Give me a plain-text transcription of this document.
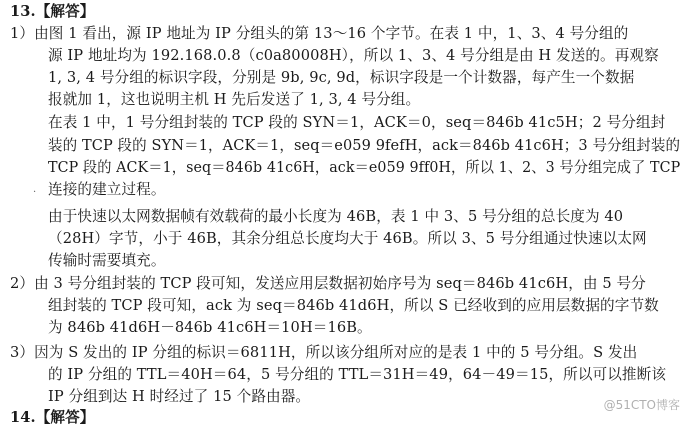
13.【解答】
1）由图 1 看出，源 IP 地址为 IP 分组头的第 13～16 个字节。在表 1 中，1、3、4 号分组的
源 IP 地址均为 192.168.0.8（c0a80008H），所以 1、3、4 号分组是由 H 发送的。再观察
1, 3, 4 号分组的标识字段，分别是 9b, 9c, 9d，标识字段是一个计数器，每产生一个数据
报就加 1，这也说明主机 H 先后发送了 1, 3, 4 号分组。
在表 1 中，1 号分组封装的 TCP 段的 SYN＝1，ACK＝0，seq＝846b 41c5H；2 号分组封
装的 TCP 段的 SYN＝1，ACK＝1，seq＝e059 9fefH，ack＝846b 41c6H；3 号分组封装的
TCP 段的 ACK＝1，seq＝846b 41c6H，ack＝e059 9ff0H，所以 1、2、3 号分组完成了 TCP
连接的建立过程。
·
由于快速以太网数据帧有效载荷的最小长度为 46B，表 1 中 3、5 号分组的总长度为 40
（28H）字节，小于 46B，其余分组总长度均大于 46B。所以 3、5 号分组通过快速以太网
传输时需要填充。
2）由 3 号分组封装的 TCP 段可知，发送应用层数据初始序号为 seq＝846b 41c6H，由 5 号分
组封装的 TCP 段可知，ack 为 seq＝846b 41d6H，所以 S 已经收到的应用层数据的字节数
为 846b 41d6H－846b 41c6H＝10H＝16B。
3）因为 S 发出的 IP 分组的标识＝6811H，所以该分组所对应的是表 1 中的 5 号分组。S 发出
的 IP 分组的 TTL＝40H＝64，5 号分组的 TTL＝31H＝49，64－49＝15，所以可以推断该
IP 分组到达 H 时经过了 15 个路由器。
14.【解答】
@51CTO博客
